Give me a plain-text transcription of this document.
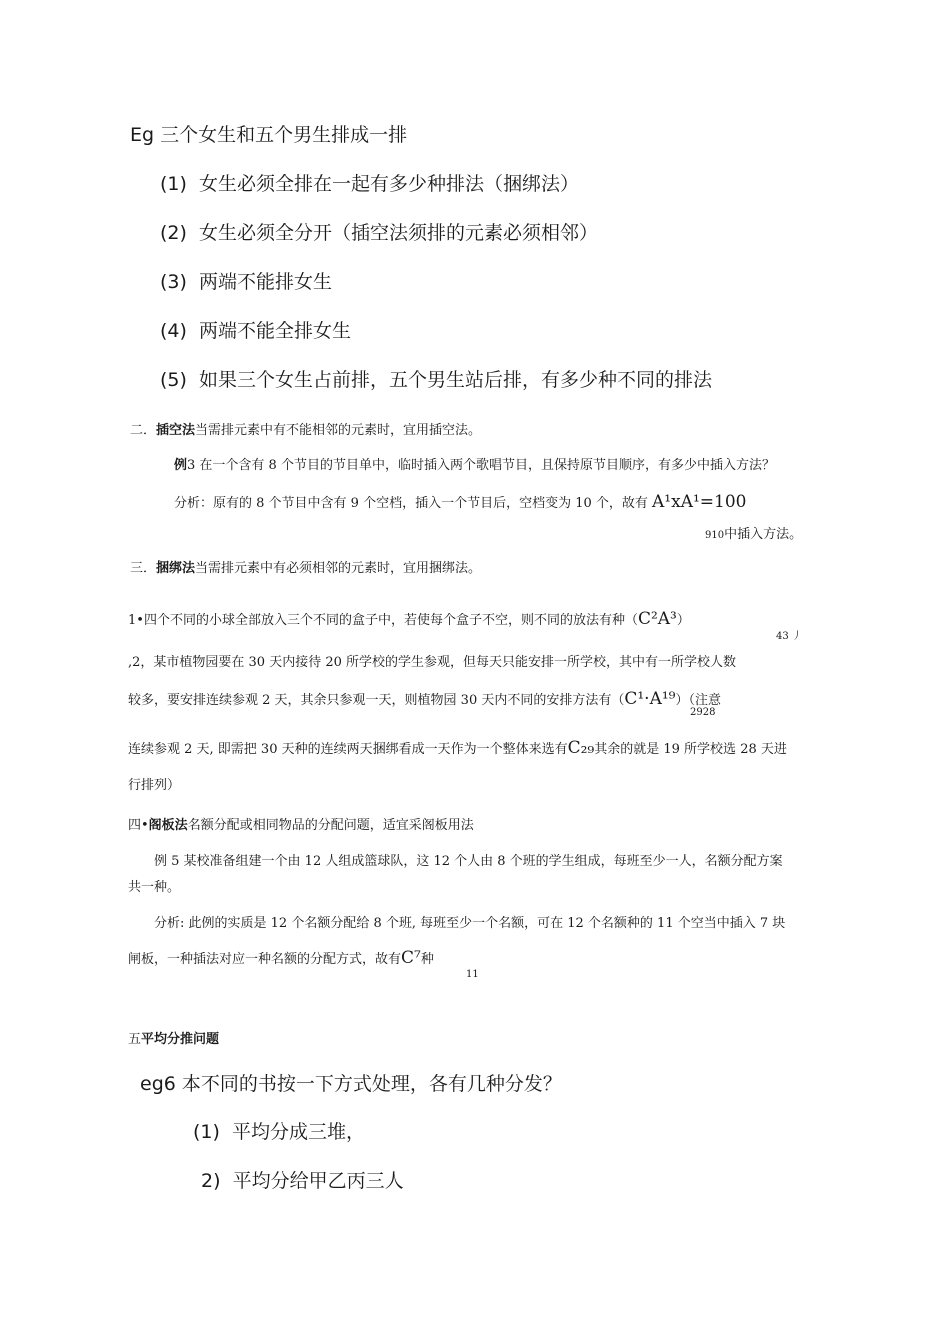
Eg 三个女生和五个男生排成一排
(1) 女生必须全排在一起有多少种排法（捆绑法）
(2) 女生必须全分开（插空法须排的元素必须相邻）
(3) 两端不能排女生
(4) 两端不能全排女生
(5) 如果三个女生占前排，五个男生站后排，有多少种不同的排法
二．插空法当需排元素中有不能相邻的元素时，宜用插空法。
例3 在一个含有 8 个节目的节目单中，临时插入两个歌唱节目，且保持原节目顺序，有多少中插入方法？
分析：原有的 8 个节目中含有 9 个空档，插入一个节目后，空档变为 10 个，故有 A¹xA¹=100
910中插入方法。
三．捆绑法当需排元素中有必须相邻的元素时，宜用捆绑法。
1•四个不同的小球全部放入三个不同的盒子中，若使每个盒子不空，则不同的放法有种（C²A³）
43 丿
,2，某市植物园要在 30 天内接待 20 所学校的学生参观，但每天只能安排一所学校，其中有一所学校人数
较多，要安排连续参观 2 天，其余只参观一天，则植物园 30 天内不同的安排方法有（C¹·A¹⁹）（注意
2928
连续参观 2 天, 即需把 30 天种的连续两天捆绑看成一天作为一个整体来选有C₂₉其余的就是 19 所学校选 28 天进
行排列）
四•阁板法名额分配或相同物品的分配问题，适宜采阁板用法
例 5 某校准备组建一个由 12 人组成篮球队，这 12 个人由 8 个班的学生组成，每班至少一人，名额分配方案
共一种。
分析: 此例的实质是 12 个名额分配给 8 个班, 每班至少一个名额，可在 12 个名额种的 11 个空当中插入 7 块
闸板，一种插法对应一种名额的分配方式，故有C⁷种
11
五平均分推问题
eg6 本不同的书按一下方式处理，各有几种分发？
(1) 平均分成三堆，
2) 平均分给甲乙丙三人
